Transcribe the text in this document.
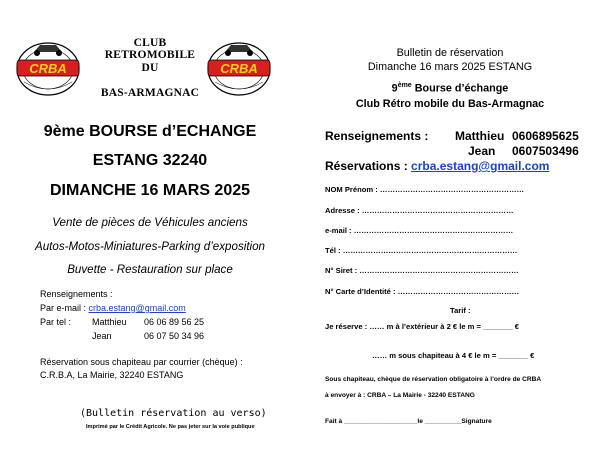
CRBA
CLUB RETROMOBILE
DU
BAS-ARMAGNAC
CRBA
9ème BOURSE d’ECHANGE
ESTANG 32240
DIMANCHE 16 MARS 2025
Vente de pièces de Véhicules anciens
Autos-Motos-Miniatures-Parking d’exposition
Buvette - Restauration sur place
Renseignements :
Par e-mail : crba.estang@gmail.com
Par tel : Matthieu 06 06 89 56 25
Jean	06 07 50 34 96
Réservation sous chapiteau par courrier (chèque) :
C.R.B.A, La Mairie, 32240 ESTANG
(Bulletin réservation au verso)
Imprimé par le Crédit Agricole. Ne pas jeter sur la voie publique
Bulletin de réservation
Dimanche 16 mars 2025 ESTANG
9ème Bourse d’échange
Club Rétro mobile du Bas-Armagnac
Renseignements : Matthieu 0606895625
Jean 0607503496
Réservations : crba.estang@gmail.com
NOM Prénom : …………………………………………………
Adresse : ……………………………………………………
e-mail : ………………………………………………………
Tél : ……………………………………………………………
N° Siret : ………………………………………………………
N° Carte d’Identité : …………………………………………
Tarif :
Je réserve : …… m à l’extérieur à 2 € le m = _______ €
…… m sous chapiteau à 4 € le m = _______ €
Sous chapiteau, chèque de réservation obligatoire à l’ordre de CRBA
à envoyer à : CRBA – La Mairie - 32240 ESTANG
Fait à ____________________le __________Signature
